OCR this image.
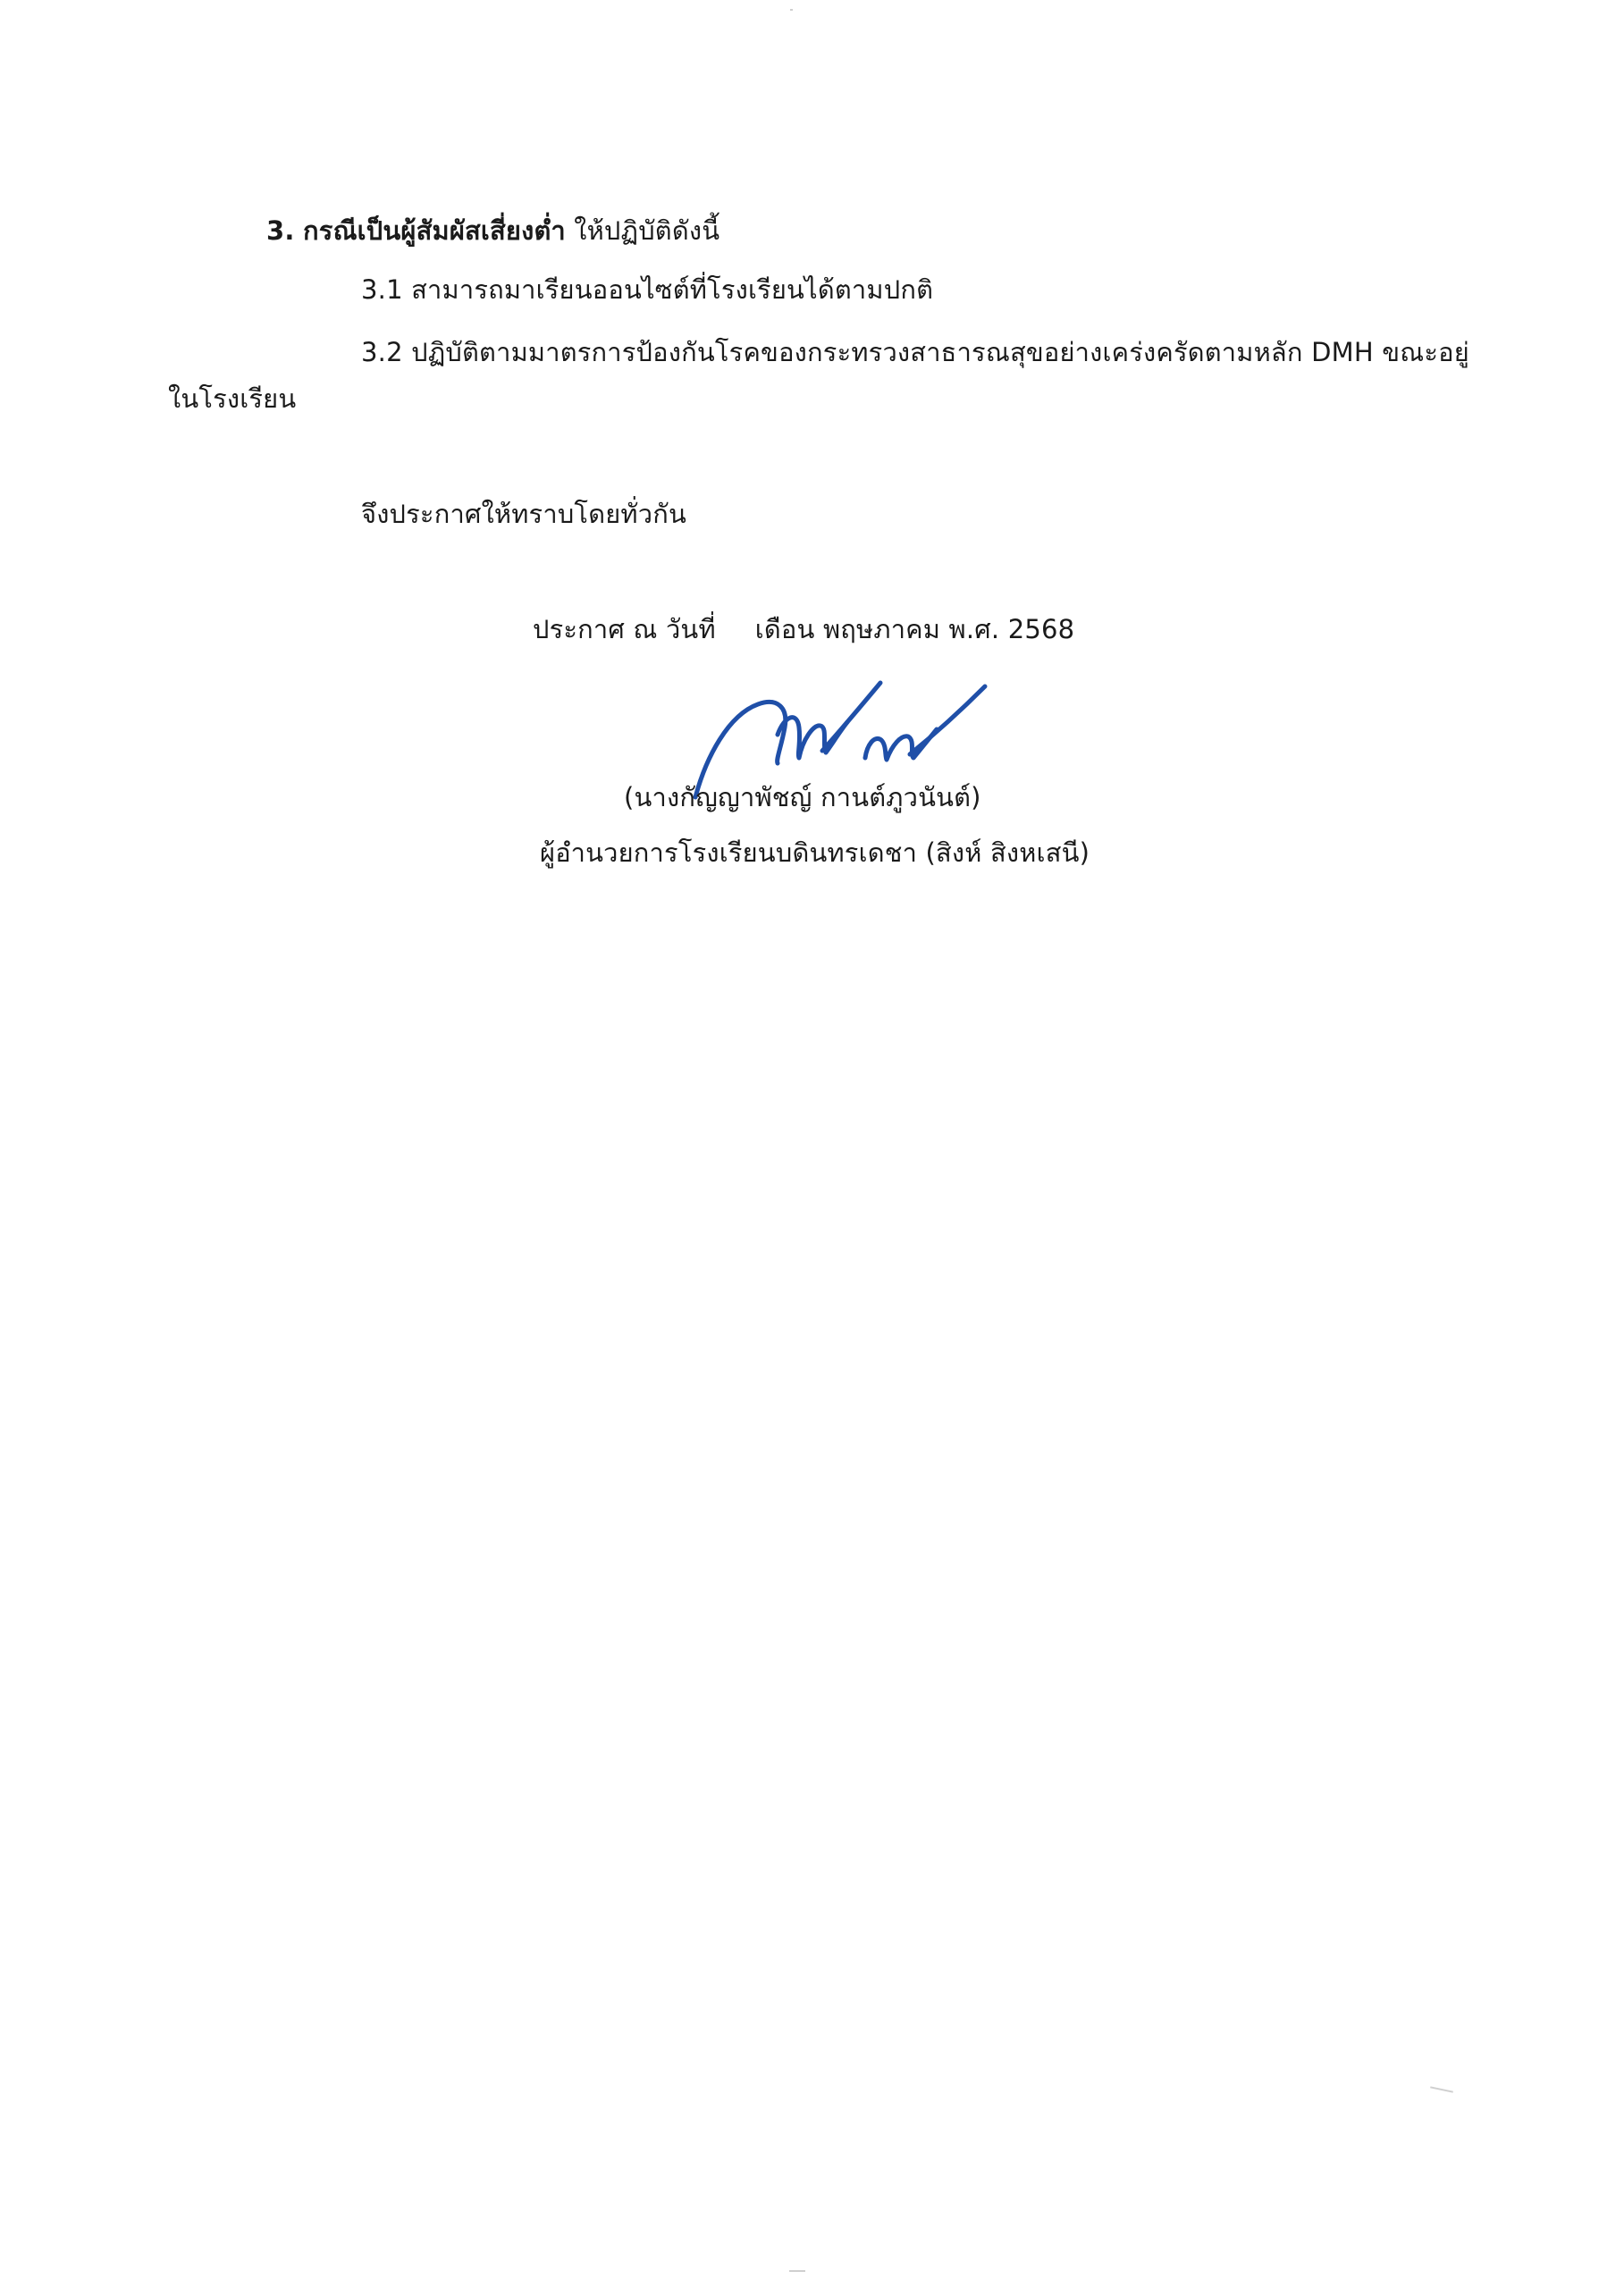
3. กรณีเป็นผู้สัมผัสเสี่ยงต่ำ ให้ปฏิบัติดังนี้
3.1 สามารถมาเรียนออนไซต์ที่โรงเรียนได้ตามปกติ
3.2 ปฏิบัติตามมาตรการป้องกันโรคของกระทรวงสาธารณสุขอย่างเคร่งครัดตามหลัก DMH ขณะอยู่
ในโรงเรียน
จึงประกาศให้ทราบโดยทั่วกัน
ประกาศ ณ วันที่ เดือน พฤษภาคม พ.ศ. 2568
(นางกัญญาพัชญ์ กานต์ภูวนันต์)
ผู้อำนวยการโรงเรียนบดินทรเดชา (สิงห์ สิงหเสนี)
